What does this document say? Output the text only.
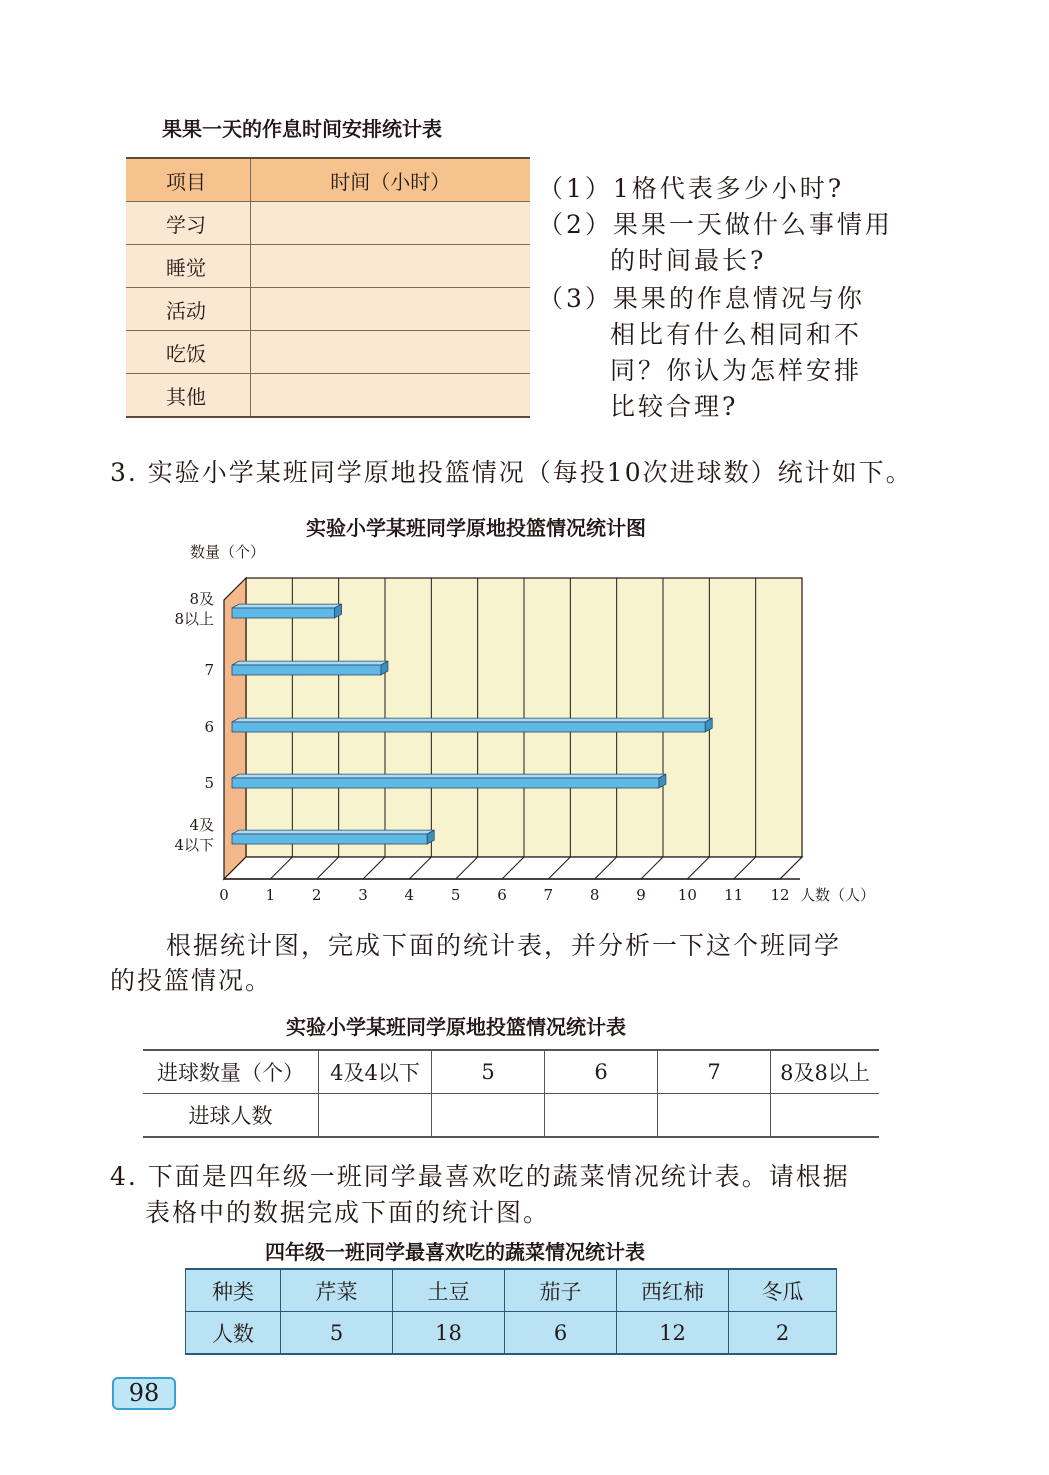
果果一天的作息时间安排统计表
项目	时间（小时）
学习	
睡觉	
活动	
吃饭	
其他	
（1）1格代表多少小时?
（2）果果一天做什么事情用
的时间最长?
（3）果果的作息情况与你
相比有什么相同和不
同？你认为怎样安排
比较合理?
3. 实验小学某班同学原地投篮情况（每投10次进球数）统计如下。
实验小学某班同学原地投篮情况统计图
数量（个）
0 1 2 3 4 5 6 7 8 9 10 11 12 人数（人）
8及
8以上
7
6
5
4及
4以下
根据统计图，完成下面的统计表，并分析一下这个班同学
的投篮情况。
实验小学某班同学原地投篮情况统计表
进球数量（个）	4及4以下	5	6	7	8及8以上
进球人数					
4. 下面是四年级一班同学最喜欢吃的蔬菜情况统计表。请根据
表格中的数据完成下面的统计图。
四年级一班同学最喜欢吃的蔬菜情况统计表
种类	芹菜	土豆	茄子	西红柿	冬瓜
人数	5	18	6	12	2
98
